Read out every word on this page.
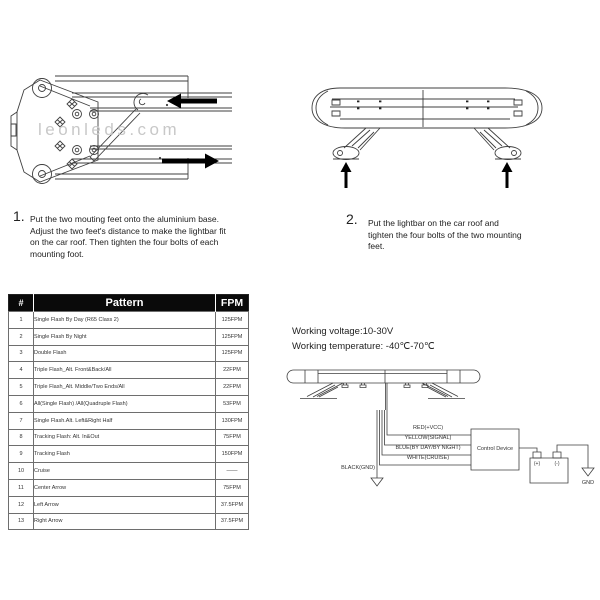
leonleds.com
1. Put the two mouting feet onto the aluminium base. Adjust the two feet's distance to make the lightbar fit on the car roof. Then tighten the four bolts of each mounting foot.
2. Put the lightbar on the car roof and tighten the four bolts of the two mounting feet.
#	Pattern	FPM
1	Single Flash By Day (R65 Class 2)	125FPM
2	Single Flash By Night	125FPM
3	Double Flash	125FPM
4	Triple Flash_Alt. Front&Back/All	22FPM
5	Triple Flash_Alt. Middle/Two Ends/All	22FPM
6	All(Single Flash) /All(Quadruple Flash)	53FPM
7	Single Flash.Alt. Left&Right Half	130FPM
8	Tracking Flash: Alt. In&Out	75FPM
9	Tracking Flash	150FPM
10	Cruise	——
11	Center Arrow	75FPM
12	Left Arrow	37.5FPM
13	Right Arrow	37.5FPM
Working voltage:10-30V
Working temperature: -40℃-70℃
RED(+VCC)
YELLOW(SIGNAL)
BLUE(BY DAY/BY NIGHT)
WHITE(CRUISE)
BLACK(GND)
Control Device
(+)	(-)
GND
